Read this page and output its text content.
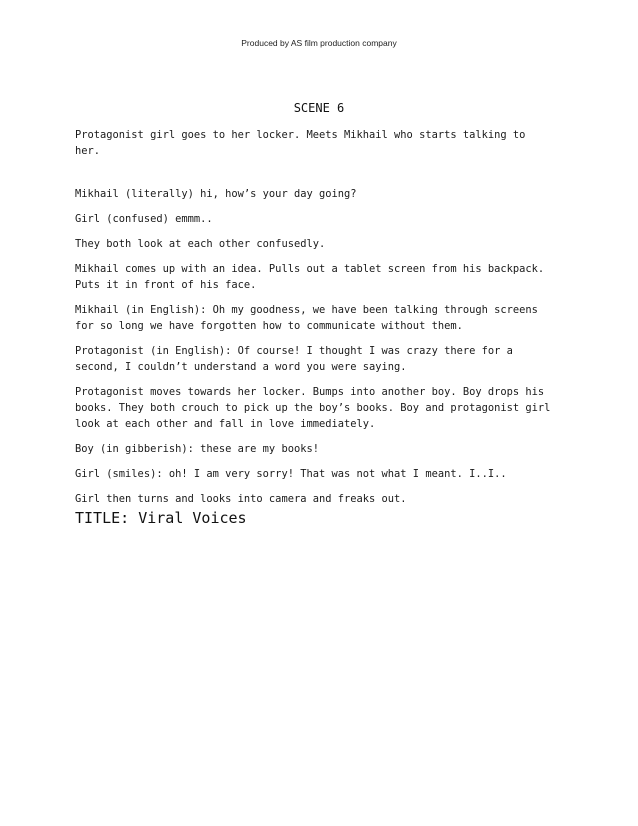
Produced by AS film production company
SCENE 6

Protagonist girl goes to her locker. Meets Mikhail who starts talking to her.

Mikhail (literally) hi, how’s your day going?

Girl (confused) emmm..

They both look at each other confusedly.

Mikhail comes up with an idea. Pulls out a tablet screen from his backpack. Puts it in front of his face.

Mikhail (in English): Oh my goodness, we have been talking through screens for so long we have forgotten how to communicate without them.

Protagonist (in English): Of course! I thought I was crazy there for a second, I couldn’t understand a word you were saying.

Protagonist moves towards her locker. Bumps into another boy. Boy drops his books. They both crouch to pick up the boy’s books. Boy and protagonist girl look at each other and fall in love immediately.

Boy (in gibberish): these are my books!

Girl (smiles): oh! I am very sorry! That was not what I meant. I..I..

Girl then turns and looks into camera and freaks out.

TITLE: Viral Voices
